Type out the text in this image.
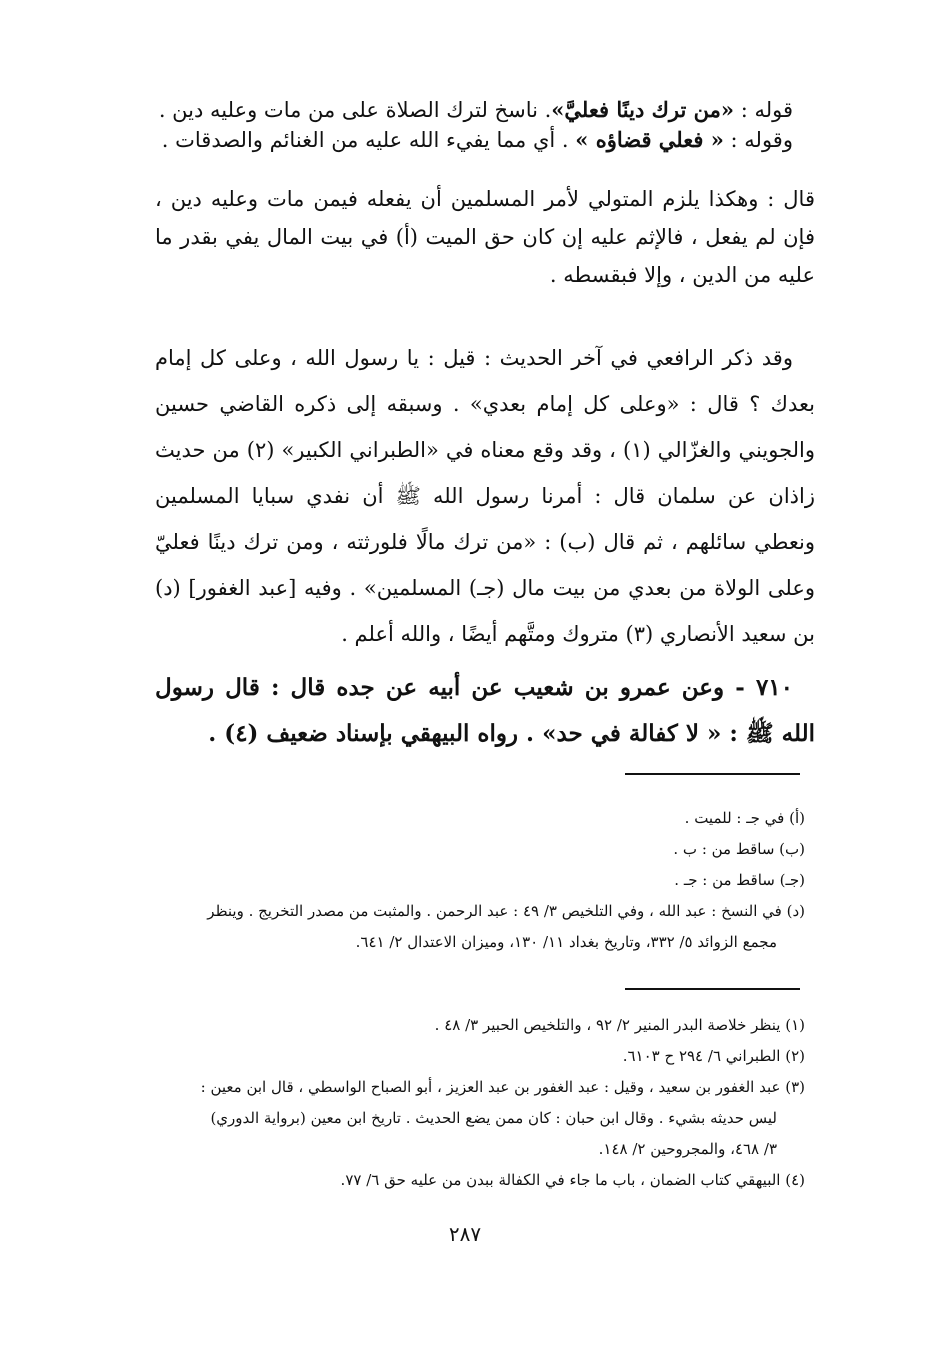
قوله : «من ترك دينًا فعليَّ». ناسخ لترك الصلاة على من مات وعليه دين .

وقوله : « فعلي قضاؤه » . أي مما يفيء الله عليه من الغنائم والصدقات .

قال : وهكذا يلزم المتولي لأمر المسلمين أن يفعله فيمن مات وعليه دين ، فإن لم يفعل ، فالإثم عليه إن كان حق الميت (أ) في بيت المال يفي بقدر ما عليه من الدين ، وإلا فبقسطه .

وقد ذكر الرافعي في آخر الحديث : قيل : يا رسول الله ، وعلى كل إمام بعدك ؟ قال : «وعلى كل إمام بعدي» . وسبقه إلى ذكره القاضي حسين والجويني والغزّالي (١) ، وقد وقع معناه في «الطبراني الكبير» (٢) من حديث زاذان عن سلمان قال : أمرنا رسول الله ﷺ أن نفدي سبايا المسلمين ونعطي سائلهم ، ثم قال (ب) : «من ترك مالًا فلورثته ، ومن ترك دينًا فعليّ وعلى الولاة من بعدي من بيت مال (جـ) المسلمين» . وفيه [عبد الغفور] (د) بن سعيد الأنصاري (٣) متروك ومتَّهم أيضًا ، والله أعلم .

٧١٠ - وعن عمرو بن شعيب عن أبيه عن جده قال : قال رسول الله ﷺ : « لا كفالة في حد» . رواه البيهقي بإسناد ضعيف (٤) .

(أ) في جـ : للميت .
(ب) ساقط من : ب .
(جـ) ساقط من : جـ .
(د) في النسخ : عبد الله ، وفي التلخيص ٣/ ٤٩ : عبد الرحمن . والمثبت من مصدر التخريج . وينظر
مجمع الزوائد ٥/ ٣٣٢، وتاريخ بغداد ١١/ ١٣٠، وميزان الاعتدال ٢/ ٦٤١.
(١) ينظر خلاصة البدر المنير ٢/ ٩٢ ، والتلخيص الحبير ٣/ ٤٨ .
(٢) الطبراني ٦/ ٢٩٤ ح ٦١٠٣.
(٣) عبد الغفور بن سعيد ، وقيل : عبد الغفور بن عبد العزيز ، أبو الصباح الواسطي ، قال ابن معين :
ليس حديثه بشيء . وقال ابن حبان : كان ممن يضع الحديث . تاريخ ابن معين (برواية الدوري)
٣/ ٤٦٨، والمجروحين ٢/ ١٤٨.
(٤) البيهقي كتاب الضمان ، باب ما جاء في الكفالة ببدن من عليه حق ٦/ ٧٧.
٢٨٧
